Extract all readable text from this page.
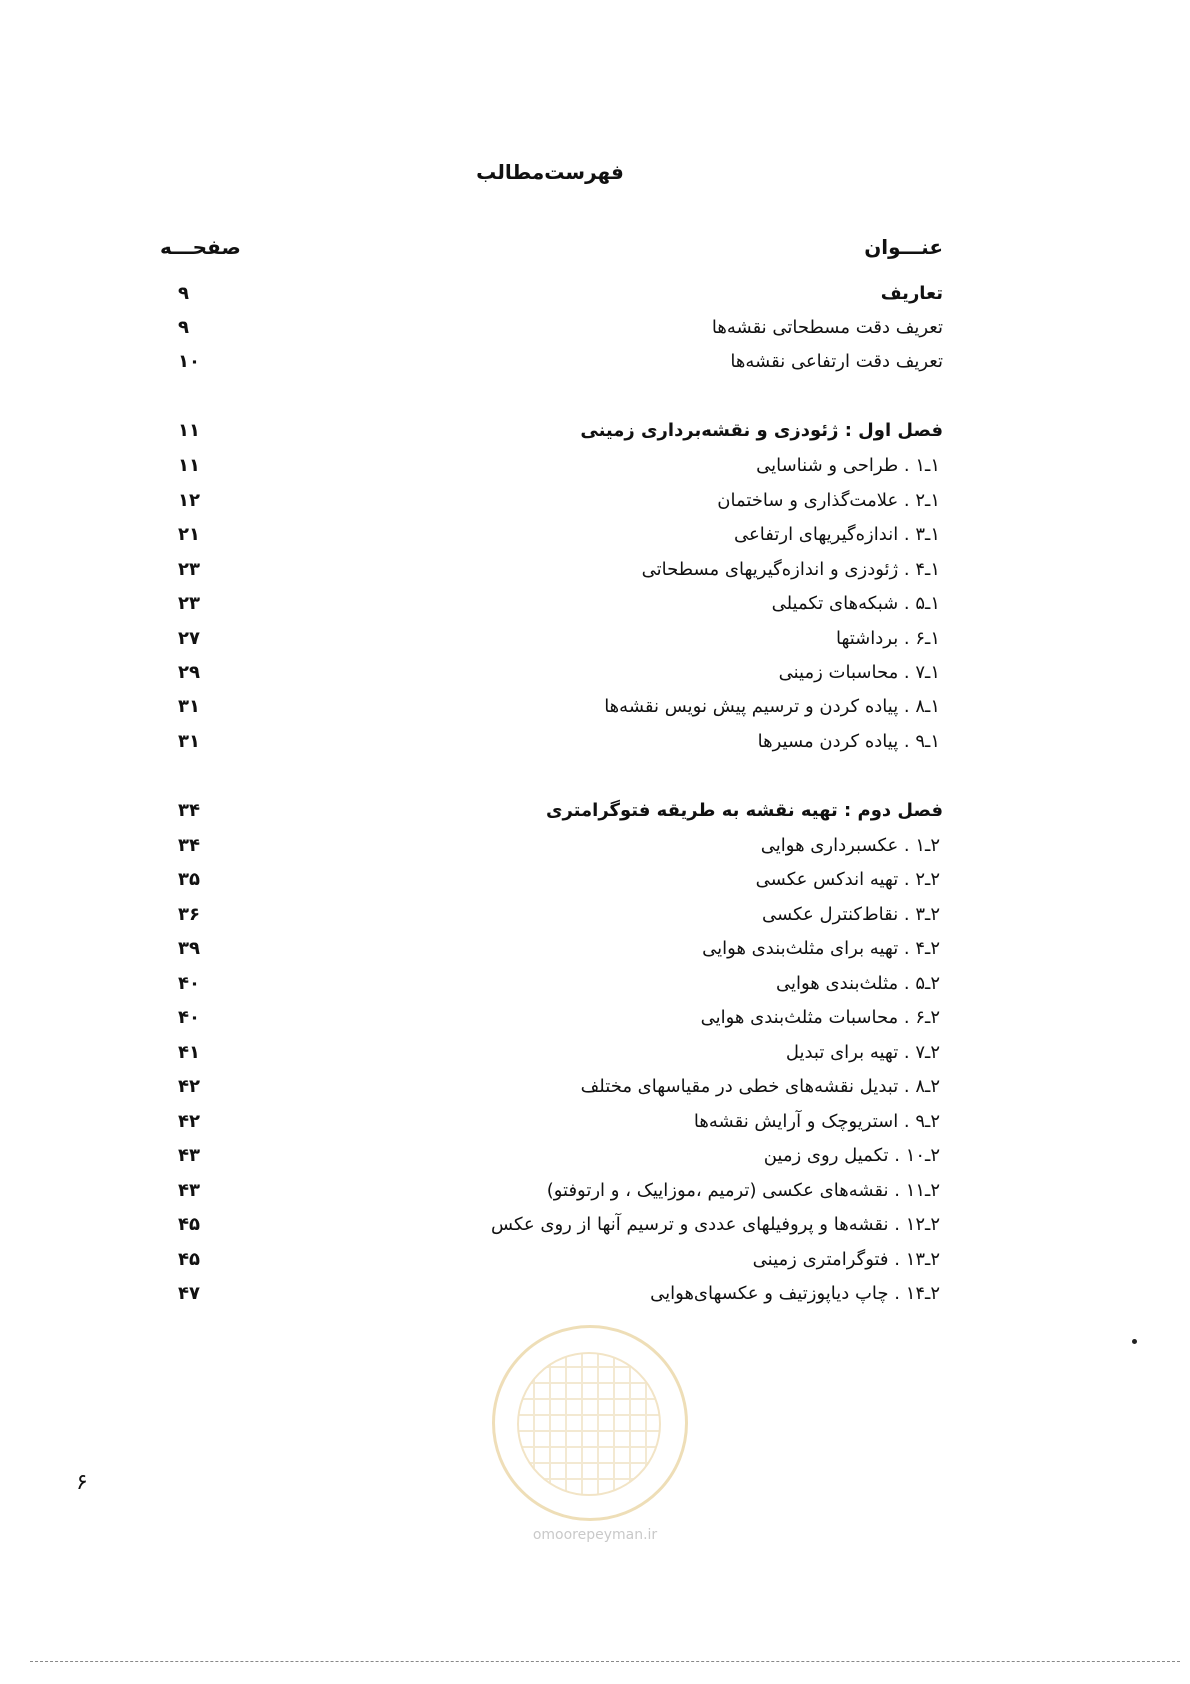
فهرست‌مطالب
عنـــوان
صفحـــه
تعاریف
۹
تعریف دقت مسطحاتی نقشه‌ها
۹
تعریف دقت ارتفاعی نقشه‌ها
۱۰
فصل اول : ژئودزی و نقشه‌برداری زمینی
۱۱
۱ـ۱ . طراحی و شناسایی
۱۱
۱ـ۲ . علامت‌گذاری و ساختمان
۱۲
۱ـ۳ . اندازه‌گیریهای ارتفاعی
۲۱
۱ـ۴ . ژئودزی و اندازه‌گیریهای مسطحاتی
۲۳
۱ـ۵ . شبکه‌های تکمیلی
۲۳
۱ـ۶ . برداشتها
۲۷
۱ـ۷ . محاسبات زمینی
۲۹
۱ـ۸ . پیاده کردن و ترسیم پیش نویس نقشه‌ها
۳۱
۱ـ۹ . پیاده کردن مسیرها
۳۱
فصل دوم : تهیه نقشه به طریقه فتوگرامتری
۳۴
۲ـ۱ . عکسبرداری هوایی
۳۴
۲ـ۲ . تهیه اندکس عکسی
۳۵
۲ـ۳ . نقاط‌کنترل عکسی
۳۶
۲ـ۴ . تهیه برای مثلث‌بندی هوایی
۳۹
۲ـ۵ . مثلث‌بندی هوایی
۴۰
۲ـ۶ . محاسبات مثلث‌بندی هوایی
۴۰
۲ـ۷ . تهیه برای تبدیل
۴۱
۲ـ۸ . تبدیل نقشه‌های خطی در مقیاسهای مختلف
۴۲
۲ـ۹ . استریوچک و آرایش نقشه‌ها
۴۲
۲ـ۱۰ . تکمیل روی زمین
۴۳
۲ـ۱۱ . نقشه‌های عکسی (ترمیم ،موزاییک ، و ارتوفتو)
۴۳
۲ـ۱۲ . نقشه‌ها و پروفیلهای عددی و ترسیم آنها از روی عکس
۴۵
۲ـ۱۳ . فتوگرامتری زمینی
۴۵
۲ـ۱۴ . چاپ دیاپوزتیف و عکسهای‌هوایی
۴۷
۶
omoorepeyman.ir
